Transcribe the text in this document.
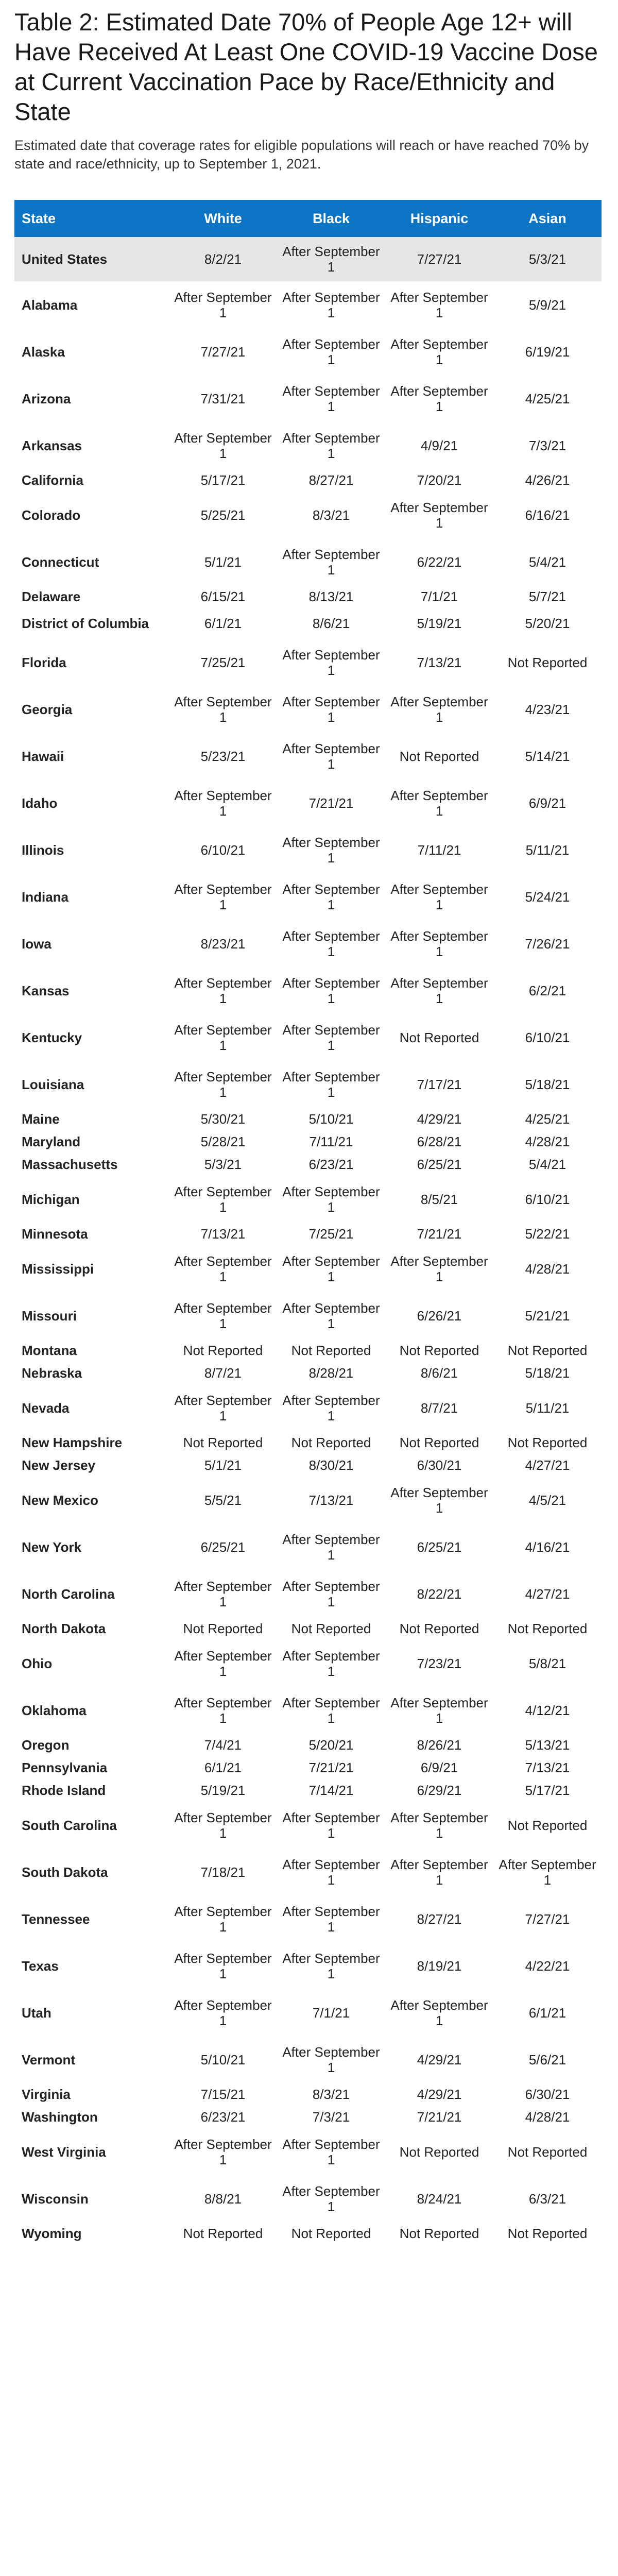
Table 2: Estimated Date 70% of People Age 12+ will Have Received At Least One COVID-19 Vaccine Dose at Current Vaccination Pace by Race/Ethnicity and State

Estimated date that coverage rates for eligible populations will reach or have reached 70% by state and race/ethnicity, up to September 1, 2021.

State	White	Black	Hispanic	Asian
United States	8/2/21	After September 1	7/27/21	5/3/21
Alabama	After September 1	After September 1	After September 1	5/9/21
Alaska	7/27/21	After September 1	After September 1	6/19/21
Arizona	7/31/21	After September 1	After September 1	4/25/21
Arkansas	After September 1	After September 1	4/9/21	7/3/21
California	5/17/21	8/27/21	7/20/21	4/26/21
Colorado	5/25/21	8/3/21	After September 1	6/16/21
Connecticut	5/1/21	After September 1	6/22/21	5/4/21
Delaware	6/15/21	8/13/21	7/1/21	5/7/21
District of Columbia	6/1/21	8/6/21	5/19/21	5/20/21
Florida	7/25/21	After September 1	7/13/21	Not Reported
Georgia	After September 1	After September 1	After September 1	4/23/21
Hawaii	5/23/21	After September 1	Not Reported	5/14/21
Idaho	After September 1	7/21/21	After September 1	6/9/21
Illinois	6/10/21	After September 1	7/11/21	5/11/21
Indiana	After September 1	After September 1	After September 1	5/24/21
Iowa	8/23/21	After September 1	After September 1	7/26/21
Kansas	After September 1	After September 1	After September 1	6/2/21
Kentucky	After September 1	After September 1	Not Reported	6/10/21
Louisiana	After September 1	After September 1	7/17/21	5/18/21
Maine	5/30/21	5/10/21	4/29/21	4/25/21
Maryland	5/28/21	7/11/21	6/28/21	4/28/21
Massachusetts	5/3/21	6/23/21	6/25/21	5/4/21
Michigan	After September 1	After September 1	8/5/21	6/10/21
Minnesota	7/13/21	7/25/21	7/21/21	5/22/21
Mississippi	After September 1	After September 1	After September 1	4/28/21
Missouri	After September 1	After September 1	6/26/21	5/21/21
Montana	Not Reported	Not Reported	Not Reported	Not Reported
Nebraska	8/7/21	8/28/21	8/6/21	5/18/21
Nevada	After September 1	After September 1	8/7/21	5/11/21
New Hampshire	Not Reported	Not Reported	Not Reported	Not Reported
New Jersey	5/1/21	8/30/21	6/30/21	4/27/21
New Mexico	5/5/21	7/13/21	After September 1	4/5/21
New York	6/25/21	After September 1	6/25/21	4/16/21
North Carolina	After September 1	After September 1	8/22/21	4/27/21
North Dakota	Not Reported	Not Reported	Not Reported	Not Reported
Ohio	After September 1	After September 1	7/23/21	5/8/21
Oklahoma	After September 1	After September 1	After September 1	4/12/21
Oregon	7/4/21	5/20/21	8/26/21	5/13/21
Pennsylvania	6/1/21	7/21/21	6/9/21	7/13/21
Rhode Island	5/19/21	7/14/21	6/29/21	5/17/21
South Carolina	After September 1	After September 1	After September 1	Not Reported
South Dakota	7/18/21	After September 1	After September 1	After September 1
Tennessee	After September 1	After September 1	8/27/21	7/27/21
Texas	After September 1	After September 1	8/19/21	4/22/21
Utah	After September 1	7/1/21	After September 1	6/1/21
Vermont	5/10/21	After September 1	4/29/21	5/6/21
Virginia	7/15/21	8/3/21	4/29/21	6/30/21
Washington	6/23/21	7/3/21	7/21/21	4/28/21
West Virginia	After September 1	After September 1	Not Reported	Not Reported
Wisconsin	8/8/21	After September 1	8/24/21	6/3/21
Wyoming	Not Reported	Not Reported	Not Reported	Not Reported
